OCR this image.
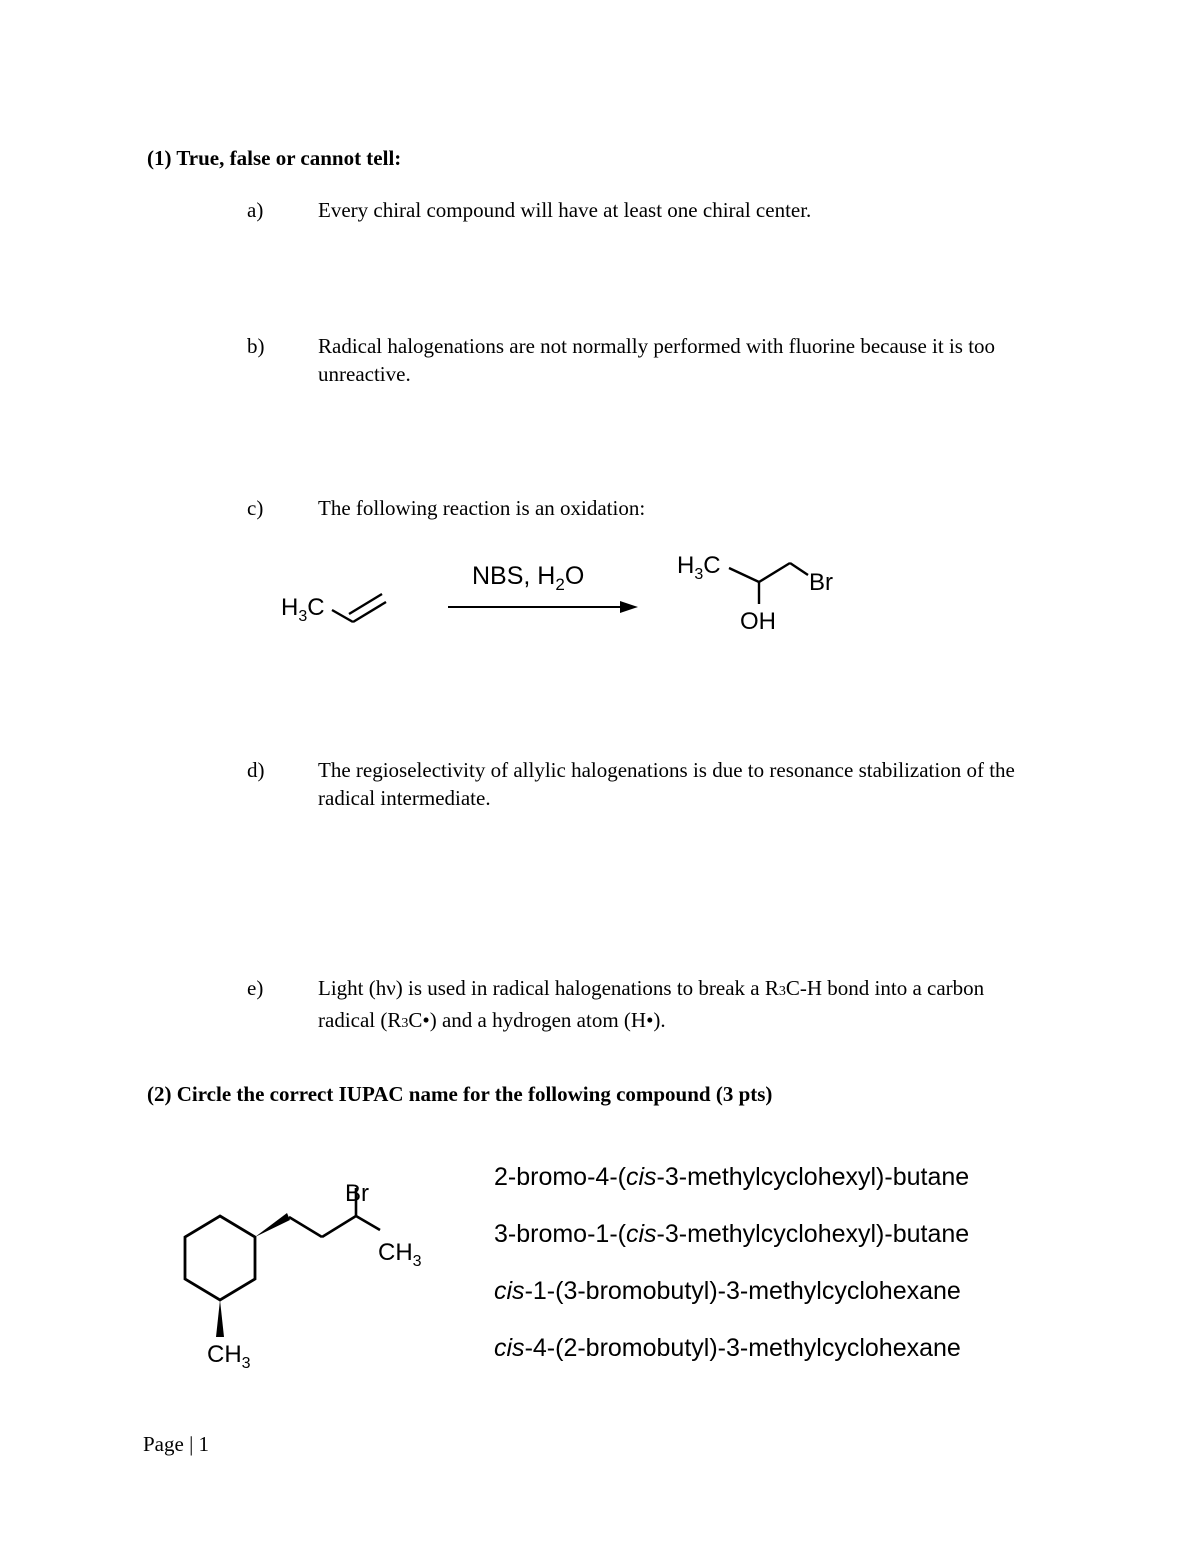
(1) True, false or cannot tell:
a)	Every chiral compound will have at least one chiral center.
b)	Radical halogenations are not normally performed with fluorine because it is too unreactive.
c)	The following reaction is an oxidation:
$H_3C$
NBS, $H_2O$	$H_3C$
Br
OH
d)	The regioselectivity of allylic halogenations is due to resonance stabilization of the radical intermediate.
e)	Light (hν) is used in radical halogenations to break a R3C-H bond into a carbon radical (R3C•) and a hydrogen atom (H•).
(2) Circle the correct IUPAC name for the following compound (3 pts)
Br
$CH_3$
$CH_3$
2-bromo-4-(cis-3-methylcyclohexyl)-butane
3-bromo-1-(cis-3-methylcyclohexyl)-butane
cis-1-(3-bromobutyl)-3-methylcyclohexane
cis-4-(2-bromobutyl)-3-methylcyclohexane
Page | 1
